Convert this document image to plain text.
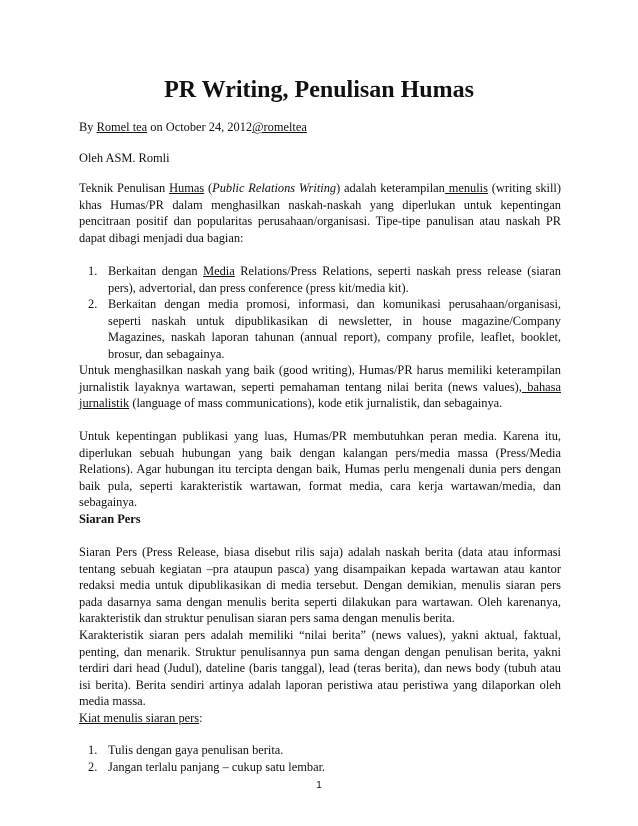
PR Writing, Penulisan Humas

By Romel tea on October 24, 2012@romeltea

Oleh ASM. Romli

Teknik Penulisan Humas (Public Relations Writing) adalah keterampilan menulis (writing skill)
khas Humas/PR dalam menghasilkan naskah-naskah yang diperlukan untuk kepentingan
pencitraan positif dan popularitas perusahaan/organisasi. Tipe-tipe panulisan atau naskah PR
dapat dibagi menjadi dua bagian:

1. Berkaitan dengan Media Relations/Press Relations, seperti naskah press release (siaran
pers), advertorial, dan press conference (press kit/media kit).
2. Berkaitan dengan media promosi, informasi, dan komunikasi perusahaan/organisasi,
seperti naskah untuk dipublikasikan di newsletter, in house magazine/Company
Magazines, naskah laporan tahunan (annual report), company profile, leaflet, booklet,
brosur, dan sebagainya.

Untuk menghasilkan naskah yang baik (good writing), Humas/PR harus memiliki keterampilan
jurnalistik layaknya wartawan, seperti pemahaman tentang nilai berita (news values), bahasa
jurnalistik (language of mass communications), kode etik jurnalistik, dan sebagainya.

Untuk kepentingan publikasi yang luas, Humas/PR membutuhkan peran media. Karena itu,
diperlukan sebuah hubungan yang baik dengan kalangan pers/media massa (Press/Media
Relations). Agar hubungan itu tercipta dengan baik, Humas perlu mengenali dunia pers dengan
baik pula, seperti karakteristik wartawan, format media, cara kerja wartawan/media, dan
sebagainya.

Siaran Pers

Siaran Pers (Press Release, biasa disebut rilis saja) adalah naskah berita (data atau informasi
tentang sebuah kegiatan –pra ataupun pasca) yang disampaikan kepada wartawan atau kantor
redaksi media untuk dipublikasikan di media tersebut. Dengan demikian, menulis siaran pers
pada dasarnya sama dengan menulis berita seperti dilakukan para wartawan. Oleh karenanya,
karakteristik dan struktur penulisan siaran pers sama dengan menulis berita.

Karakteristik siaran pers adalah memiliki “nilai berita” (news values), yakni aktual, faktual,
penting, dan menarik. Struktur penulisannya pun sama dengan dengan penulisan berita, yakni
terdiri dari head (Judul), dateline (baris tanggal), lead (teras berita), dan news body (tubuh atau
isi berita). Berita sendiri artinya adalah laporan peristiwa atau peristiwa yang dilaporkan oleh
media massa.

Kiat menulis siaran pers:

1. Tulis dengan gaya penulisan berita.
2. Jangan terlalu panjang – cukup satu lembar.
1
